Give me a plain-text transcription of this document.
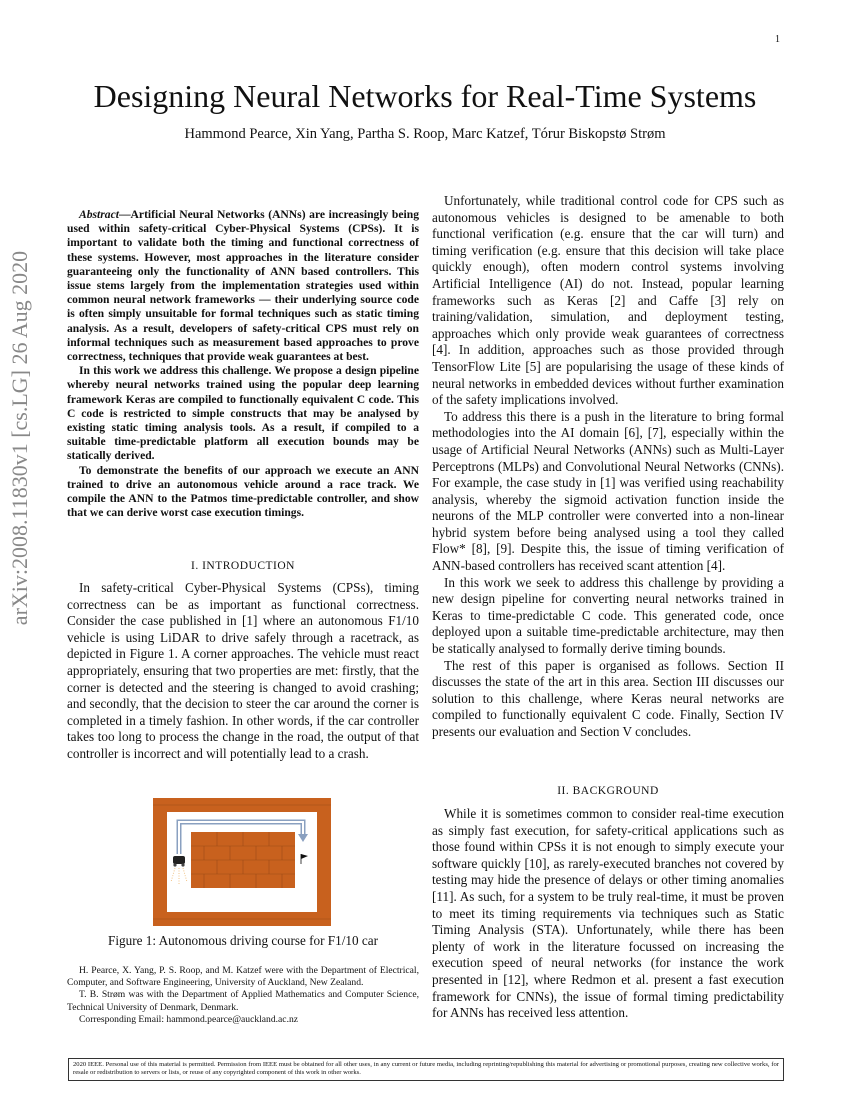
1
arXiv:2008.11830v1 [cs.LG] 26 Aug 2020
Designing Neural Networks for Real-Time Systems
Hammond Pearce, Xin Yang, Partha S. Roop, Marc Katzef, Tórur Biskopstø Strøm

Abstract—Artificial Neural Networks (ANNs) are increasingly being used within safety-critical Cyber-Physical Systems (CPSs). It is important to validate both the timing and functional correctness of these systems. However, most approaches in the literature consider guaranteeing only the functionality of ANN based controllers. This issue stems largely from the implementation strategies used within common neural network frameworks — their underlying source code is often simply unsuitable for formal techniques such as static timing analysis. As a result, developers of safety-critical CPS must rely on informal techniques such as measurement based approaches to prove correctness, techniques that provide weak guarantees at best.

In this work we address this challenge. We propose a design pipeline whereby neural networks trained using the popular deep learning framework Keras are compiled to functionally equivalent C code. This C code is restricted to simple constructs that may be analysed by existing static timing analysis tools. As a result, if compiled to a suitable time-predictable platform all execution bounds may be statically derived.

To demonstrate the benefits of our approach we execute an ANN trained to drive an autonomous vehicle around a race track. We compile the ANN to the Patmos time-predictable controller, and show that we can derive worst case execution timings.

I. INTRODUCTION

In safety-critical Cyber-Physical Systems (CPSs), timing correctness can be as important as functional correctness. Consider the case published in [1] where an autonomous F1/10 vehicle is using LiDAR to drive safely through a racetrack, as depicted in Figure 1. A corner approaches. The vehicle must react appropriately, ensuring that two properties are met: firstly, that the corner is detected and the steering is changed to avoid crashing; and secondly, that the decision to steer the car around the corner is completed in a timely fashion. In other words, if the car controller takes too long to process the change in the road, the output of that controller is incorrect and will potentially lead to a crash.

Figure 1: Autonomous driving course for F1/10 car

H. Pearce, X. Yang, P. S. Roop, and M. Katzef were with the Department of Electrical, Computer, and Software Engineering, University of Auckland, New Zealand.

T. B. Strøm was with the Department of Applied Mathematics and Computer Science, Technical University of Denmark, Denmark.

Corresponding Email: hammond.pearce@auckland.ac.nz

Unfortunately, while traditional control code for CPS such as autonomous vehicles is designed to be amenable to both functional verification (e.g. ensure that the car will turn) and timing verification (e.g. ensure that this decision will take place quickly enough), often modern control systems involving Artificial Intelligence (AI) do not. Instead, popular learning frameworks such as Keras [2] and Caffe [3] rely on training/validation, simulation, and deployment testing, approaches which only provide weak guarantees of correctness [4]. In addition, approaches such as those provided through TensorFlow Lite [5] are popularising the usage of these kinds of neural networks in embedded devices without further examination of the safety implications involved.

To address this there is a push in the literature to bring formal methodologies into the AI domain [6], [7], especially within the usage of Artificial Neural Networks (ANNs) such as Multi-Layer Perceptrons (MLPs) and Convolutional Neural Networks (CNNs). For example, the case study in [1] was verified using reachability analysis, whereby the sigmoid activation function inside the neurons of the MLP controller were converted into a non-linear hybrid system before being analysed using a tool they called Flow* [8], [9]. Despite this, the issue of timing verification of ANN-based controllers has received scant attention [4].

In this work we seek to address this challenge by providing a new design pipeline for converting neural networks trained in Keras to time-predictable C code. This generated code, once deployed upon a suitable time-predictable architecture, may then be statically analysed to formally derive timing bounds.

The rest of this paper is organised as follows. Section II discusses the state of the art in this area. Section III discusses our solution to this challenge, where Keras neural networks are compiled to functionally equivalent C code. Finally, Section IV presents our evaluation and Section V concludes.

II. BACKGROUND

While it is sometimes common to consider real-time execution as simply fast execution, for safety-critical applications such as those found within CPSs it is not enough to simply execute your software quickly [10], as rarely-executed branches not covered by testing may hide the presence of delays or other timing anomalies [11]. As such, for a system to be truly real-time, it must be proven to meet its timing requirements via techniques such as Static Timing Analysis (STA). Unfortunately, while there has been plenty of work in the literature focussed on increasing the execution speed of neural networks (for instance the work presented in [12], where Redmon et al. present a fast execution framework for CNNs), the issue of formal timing predictability for ANNs has received less attention.

2020 IEEE. Personal use of this material is permitted. Permission from IEEE must be obtained for all other uses, in any current or future media, including reprinting/republishing this material for advertising or promotional purposes, creating new collective works, for resale or redistribution to servers or lists, or reuse of any copyrighted component of this work in other works.
